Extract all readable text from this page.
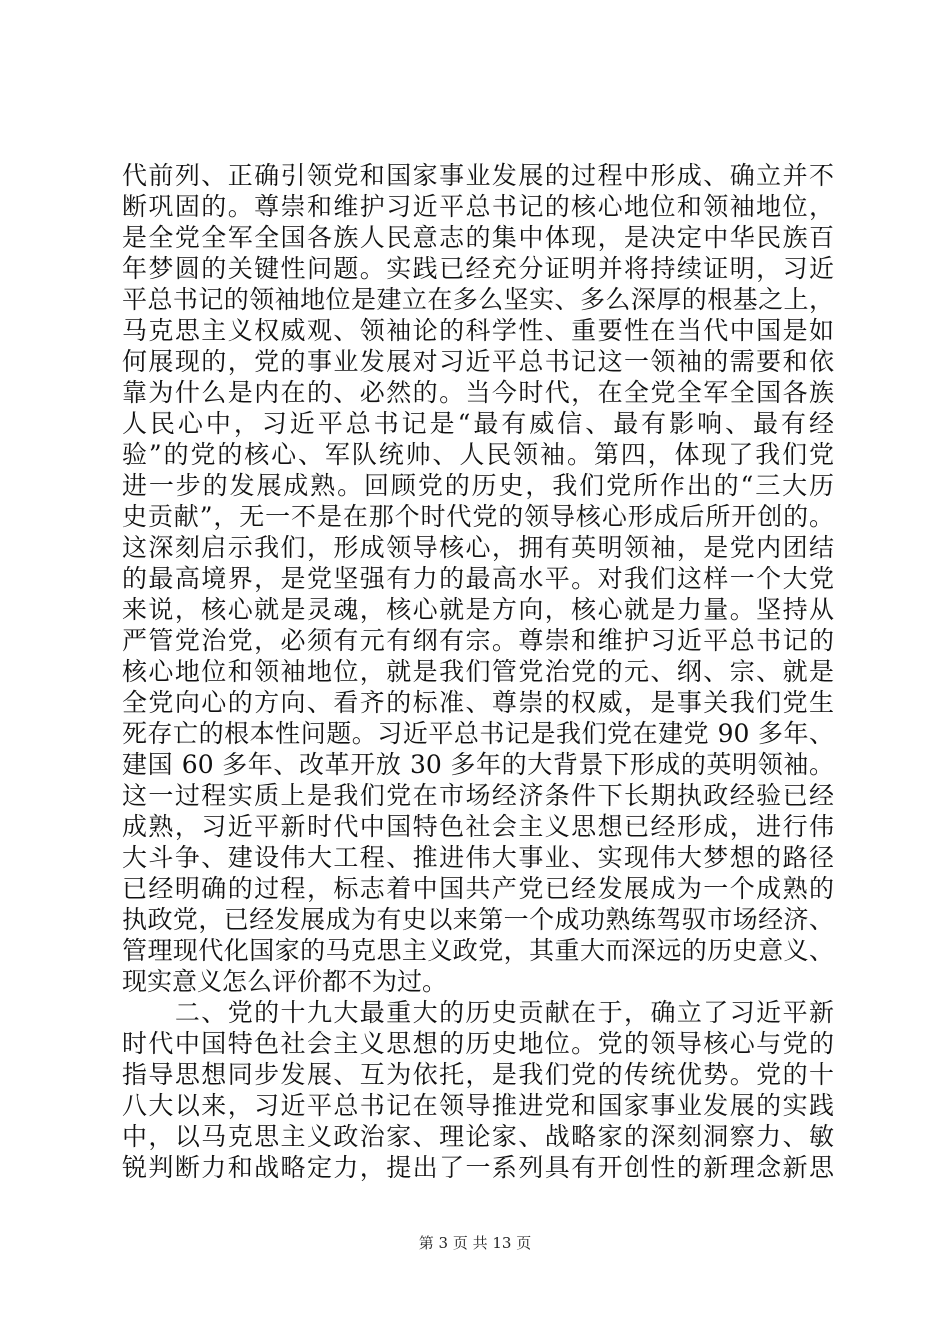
代前列、正确引领党和国家事业发展的过程中形成、确立并不
断巩固的。尊崇和维护习近平总书记的核心地位和领袖地位，
是全党全军全国各族人民意志的集中体现，是决定中华民族百
年梦圆的关键性问题。实践已经充分证明并将持续证明，习近
平总书记的领袖地位是建立在多么坚实、多么深厚的根基之上，
马克思主义权威观、领袖论的科学性、重要性在当代中国是如
何展现的，党的事业发展对习近平总书记这一领袖的需要和依
靠为什么是内在的、必然的。当今时代，在全党全军全国各族
人民心中，习近平总书记是“最有威信、最有影响、最有经
验”的党的核心、军队统帅、人民领袖。第四，体现了我们党
进一步的发展成熟。回顾党的历史，我们党所作出的“三大历
史贡献”，无一不是在那个时代党的领导核心形成后所开创的。
这深刻启示我们，形成领导核心，拥有英明领袖，是党内团结
的最高境界，是党坚强有力的最高水平。对我们这样一个大党
来说，核心就是灵魂，核心就是方向，核心就是力量。坚持从
严管党治党，必须有元有纲有宗。尊崇和维护习近平总书记的
核心地位和领袖地位，就是我们管党治党的元、纲、宗、就是
全党向心的方向、看齐的标准、尊崇的权威，是事关我们党生
死存亡的根本性问题。习近平总书记是我们党在建党 90 多年、
建国 60 多年、改革开放 30 多年的大背景下形成的英明领袖。
这一过程实质上是我们党在市场经济条件下长期执政经验已经
成熟，习近平新时代中国特色社会主义思想已经形成，进行伟
大斗争、建设伟大工程、推进伟大事业、实现伟大梦想的路径
已经明确的过程，标志着中国共产党已经发展成为一个成熟的
执政党，已经发展成为有史以来第一个成功熟练驾驭市场经济、
管理现代化国家的马克思主义政党，其重大而深远的历史意义、
现实意义怎么评价都不为过。
　　二、党的十九大最重大的历史贡献在于，确立了习近平新
时代中国特色社会主义思想的历史地位。党的领导核心与党的
指导思想同步发展、互为依托，是我们党的传统优势。党的十
八大以来，习近平总书记在领导推进党和国家事业发展的实践
中，以马克思主义政治家、理论家、战略家的深刻洞察力、敏
锐判断力和战略定力，提出了一系列具有开创性的新理念新思
第 3 页 共 13 页
